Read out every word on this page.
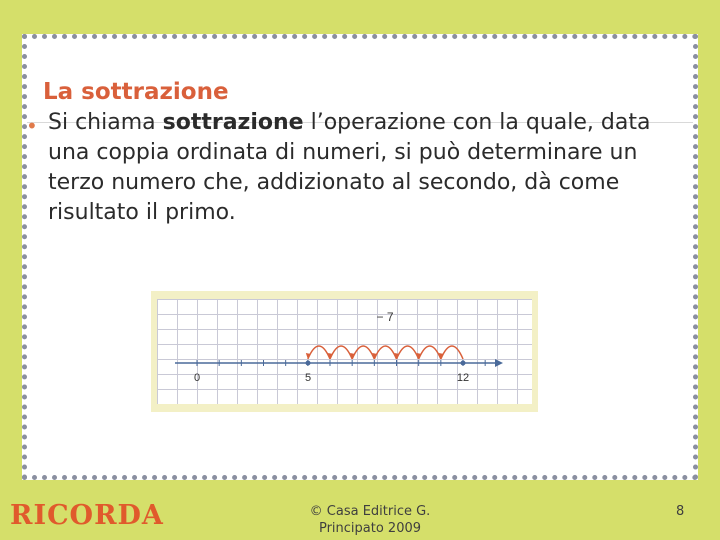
La sottrazione
• Si chiama sottrazione l’operazione con la quale, data una coppia ordinata di numeri, si può determinare un terzo numero che, addizionato al secondo, dà come risultato il primo.
0	5	12
− 7
RICORDA	© Casa Editrice G.
Principato 2009
8
